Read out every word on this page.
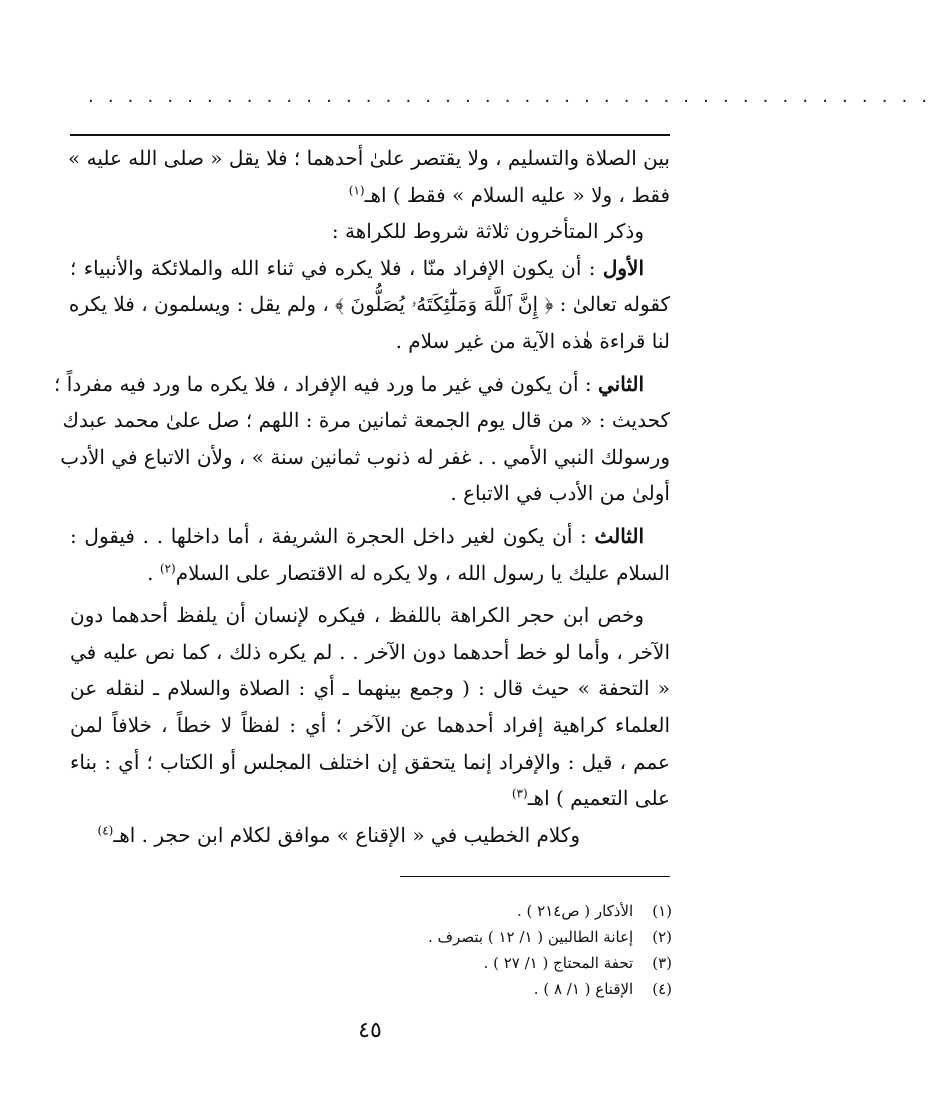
. . . . . . . . . . . . . . . . . . . . . . . . . . . . . . . . . . . . . . . . . . .
بين الصلاة والتسليم ، ولا يقتصر علىٰ أحدهما ؛ فلا يقل « صلى الله عليه »
فقط ، ولا « عليه السلام » فقط ) اهـ$^{(١)}$
وذكر المتأخرون ثلاثة شروط للكراهة :
الأول : أن يكون الإفراد منّا ، فلا يكره في ثناء الله والملائكة والأنبياء ؛
كقوله تعالىٰ : ﴿ إِنَّ ٱللَّهَ وَمَلَٰٓئِكَتَهُۥ يُصَلُّونَ ﴾ ، ولم يقل : ويسلمون ، فلا يكره
لنا قراءة هٰذه الآية من غير سلام .
الثاني : أن يكون في غير ما ورد فيه الإفراد ، فلا يكره ما ورد فيه مفرداً ؛
كحديث : « من قال يوم الجمعة ثمانين مرة : اللهم ؛ صل علىٰ محمد عبدك
ورسولك النبي الأمي . . غفر له ذنوب ثمانين سنة » ، ولأن الاتباع في الأدب
أولىٰ من الأدب في الاتباع .
الثالث : أن يكون لغير داخل الحجرة الشريفة ، أما داخلها . . فيقول :
السلام عليك يا رسول الله ، ولا يكره له الاقتصار على السلام$^{(٢)}$ .
وخص ابن حجر الكراهة باللفظ ، فيكره لإنسان أن يلفظ أحدهما دون
الآخر ، وأما لو خط أحدهما دون الآخر . . لم يكره ذلك ، كما نص عليه في
« التحفة » حيث قال : ( وجمع بينهما ـ أي : الصلاة والسلام ـ لنقله عن
العلماء كراهية إفراد أحدهما عن الآخر ؛ أي : لفظاً لا خطاً ، خلافاً لمن
عمم ، قيل : والإفراد إنما يتحقق إن اختلف المجلس أو الكتاب ؛ أي : بناء
على التعميم ) اهـ$^{(٣)}$
وكلام الخطيب في « الإقناع » موافق لكلام ابن حجر . اهـ$^{(٤)}$
(١) الأذكار ( ص٢١٤ ) .
(٢) إعانة الطالبين ( ١/ ١٢ ) بتصرف .
(٣) تحفة المحتاج ( ١/ ٢٧ ) .
(٤) الإقناع ( ١/ ٨ ) .
٤٥
